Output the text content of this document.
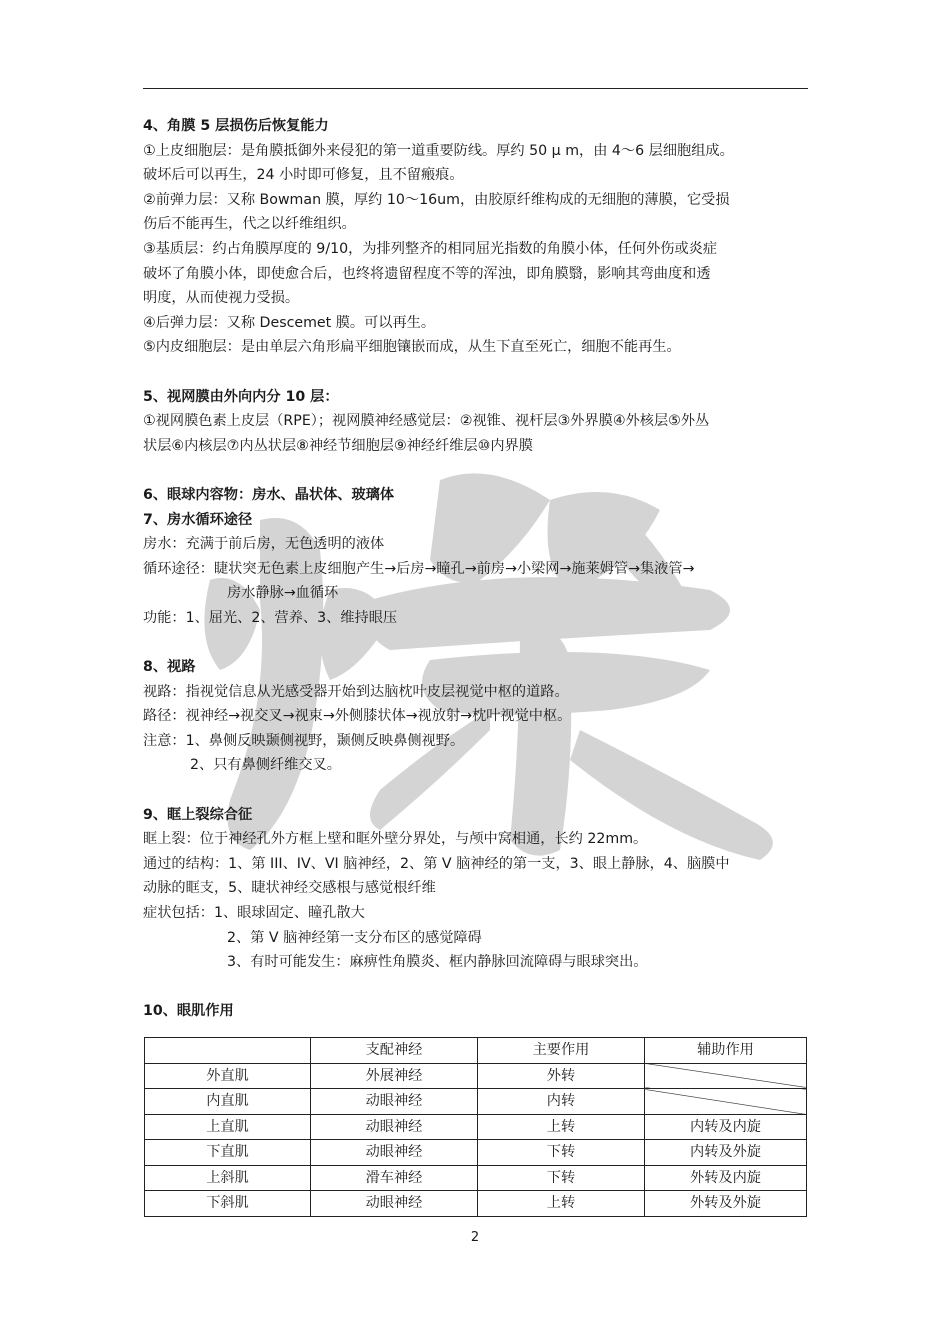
4、角膜 5 层损伤后恢复能力
①上皮细胞层：是角膜抵御外来侵犯的第一道重要防线。厚约 50 μ m，由 4～6 层细胞组成。
破坏后可以再生，24 小时即可修复，且不留瘢痕。
②前弹力层：又称 Bowman 膜，厚约 10～16um，由胶原纤维构成的无细胞的薄膜，它受损
伤后不能再生，代之以纤维组织。
③基质层：约占角膜厚度的 9/10，为排列整齐的相同屈光指数的角膜小体，任何外伤或炎症
破坏了角膜小体，即使愈合后，也终将遗留程度不等的浑浊，即角膜翳，影响其弯曲度和透
明度，从而使视力受损。
④后弹力层：又称 Descemet 膜。可以再生。
⑤内皮细胞层：是由单层六角形扁平细胞镶嵌而成，从生下直至死亡，细胞不能再生。
5、视网膜由外向内分 10 层：
①视网膜色素上皮层（RPE）；视网膜神经感觉层：②视锥、视杆层③外界膜④外核层⑤外丛
状层⑥内核层⑦内丛状层⑧神经节细胞层⑨神经纤维层⑩内界膜
6、眼球内容物：房水、晶状体、玻璃体
7、房水循环途径
房水：充满于前后房，无色透明的液体
循环途径：睫状突无色素上皮细胞产生→后房→瞳孔→前房→小梁网→施莱姆管→集液管→
房水静脉→血循环
功能：1、屈光、2、营养、3、维持眼压
8、视路
视路：指视觉信息从光感受器开始到达脑枕叶皮层视觉中枢的道路。
路径：视神经→视交叉→视束→外侧膝状体→视放射→枕叶视觉中枢。
注意：1、鼻侧反映颞侧视野，颞侧反映鼻侧视野。
2、只有鼻侧纤维交叉。
9、眶上裂综合征
眶上裂：位于神经孔外方框上壁和眶外壁分界处，与颅中窝相通，长约 22mm。
通过的结构：1、第 III、IV、VI 脑神经，2、第 V 脑神经的第一支，3、眼上静脉，4、脑膜中
动脉的眶支，5、睫状神经交感根与感觉根纤维
症状包括：1、眼球固定、瞳孔散大
2、第 V 脑神经第一支分布区的感觉障碍
3、有时可能发生：麻痹性角膜炎、框内静脉回流障碍与眼球突出。
10、眼肌作用
	支配神经	主要作用	辅助作用
外直肌	外展神经	外转	
内直肌	动眼神经	内转	
上直肌	动眼神经	上转	内转及内旋
下直肌	动眼神经	下转	内转及外旋
上斜肌	滑车神经	下转	外转及内旋
下斜肌	动眼神经	上转	外转及外旋
2
